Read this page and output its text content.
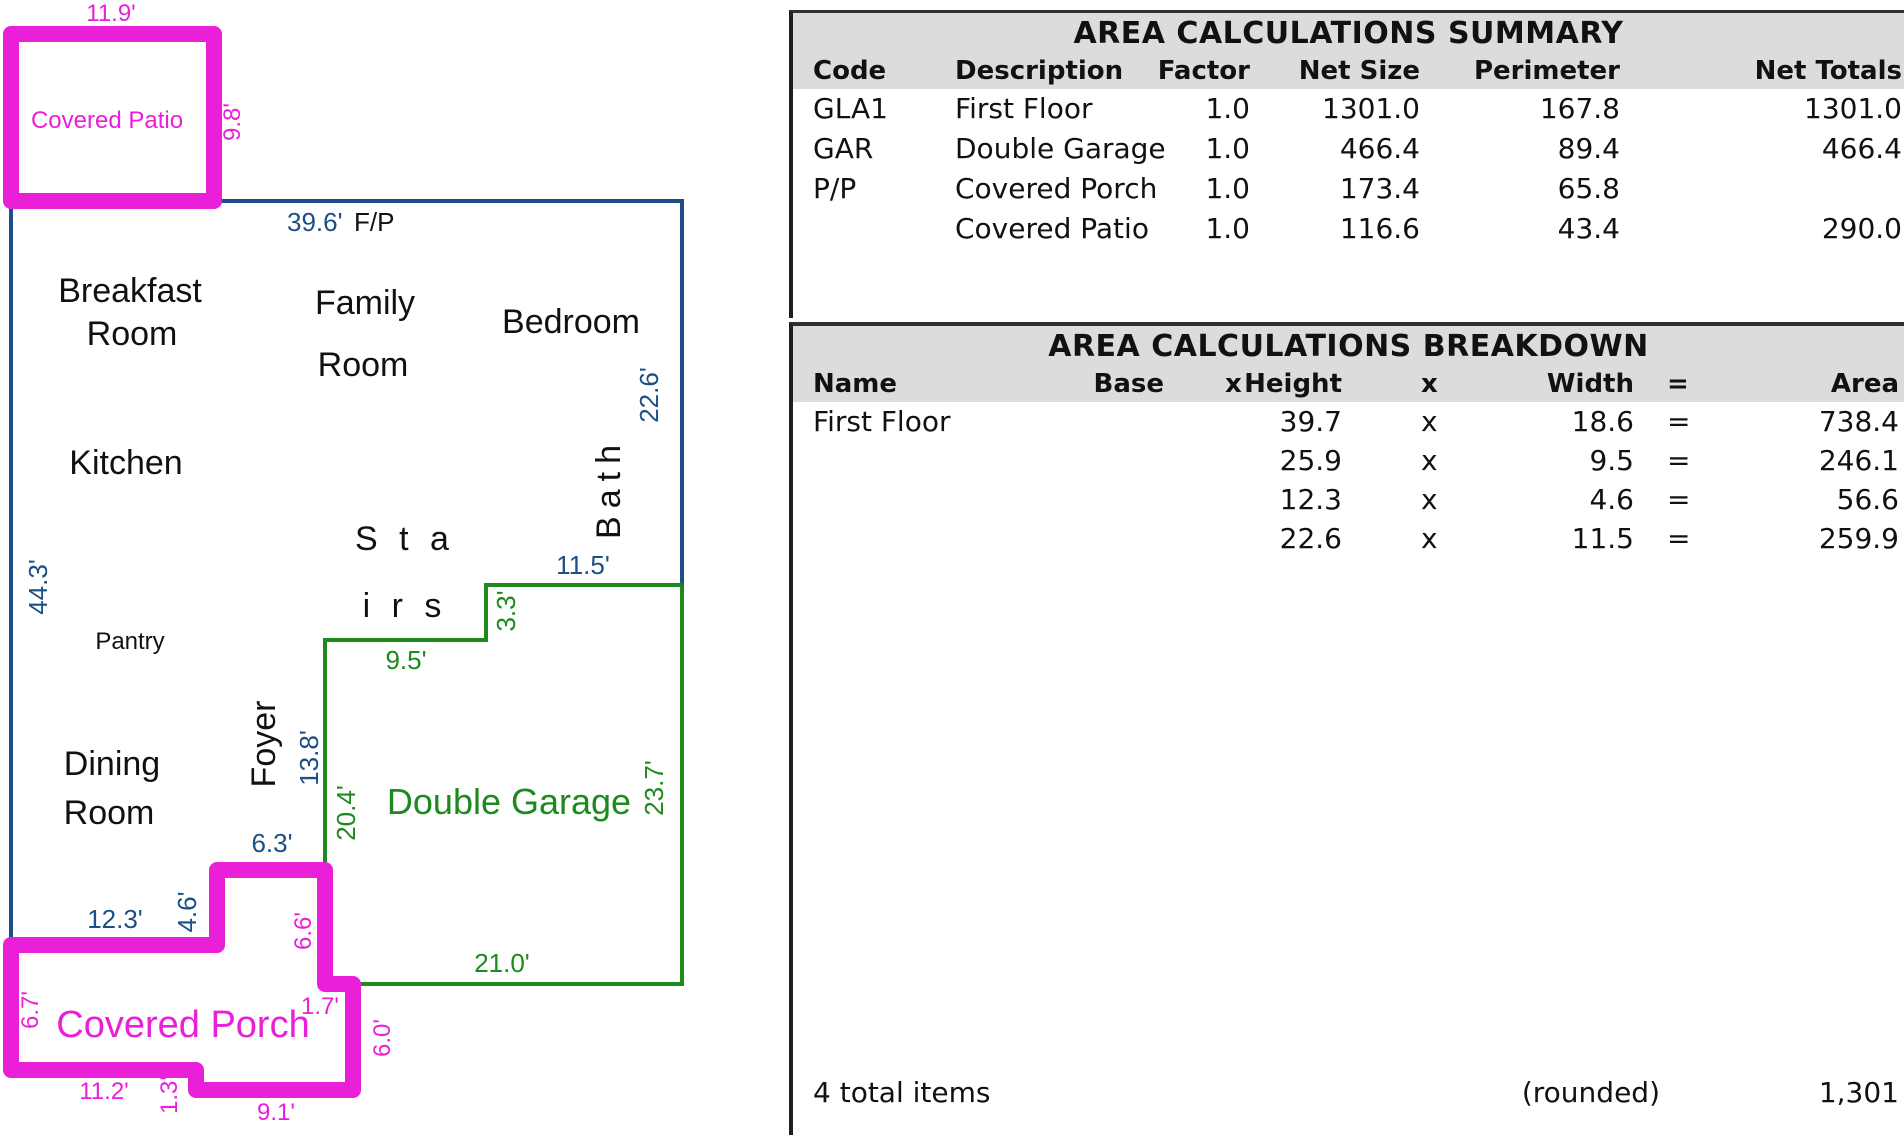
Breakfast
Room
Family
Room
Bedroom
Kitchen	Bath
S t a
i r s
Pantry
Dining
Room
Foyer
Double Garage
Covered Porch
Covered Patio
39.6' F/P
44.3'
22.6'
11.5'
13.8'
6.3'
4.6'
12.3'
3.3'
9.5'
20.4'	23.7'
21.0'
6.7'
6.6'
1.7'
6.0'
11.2' 1.3'	9.1'
11.9'
9.8'
AREA CALCULATIONS SUMMARY
Code	Description Factor Net Size Perimeter	Net Totals
GLA1 First Floor	1.0	1301.0	167.8	1301.0
GAR	Double Garage 1.0	466.4	89.4	466.4
P/P	Covered Porch 1.0	173.4	65.8
Covered Patio 1.0	116.6	43.4	290.0
AREA CALCULATIONS BREAKDOWN
Name	Base x Height	x	Width =	Area
First Floor	39.7	x	18.6 =	738.4
25.9	x	9.5 =	246.1
12.3	x	4.6 =	56.6
22.6	x	11.5 =	259.9
4 total items	(rounded)	1,301
